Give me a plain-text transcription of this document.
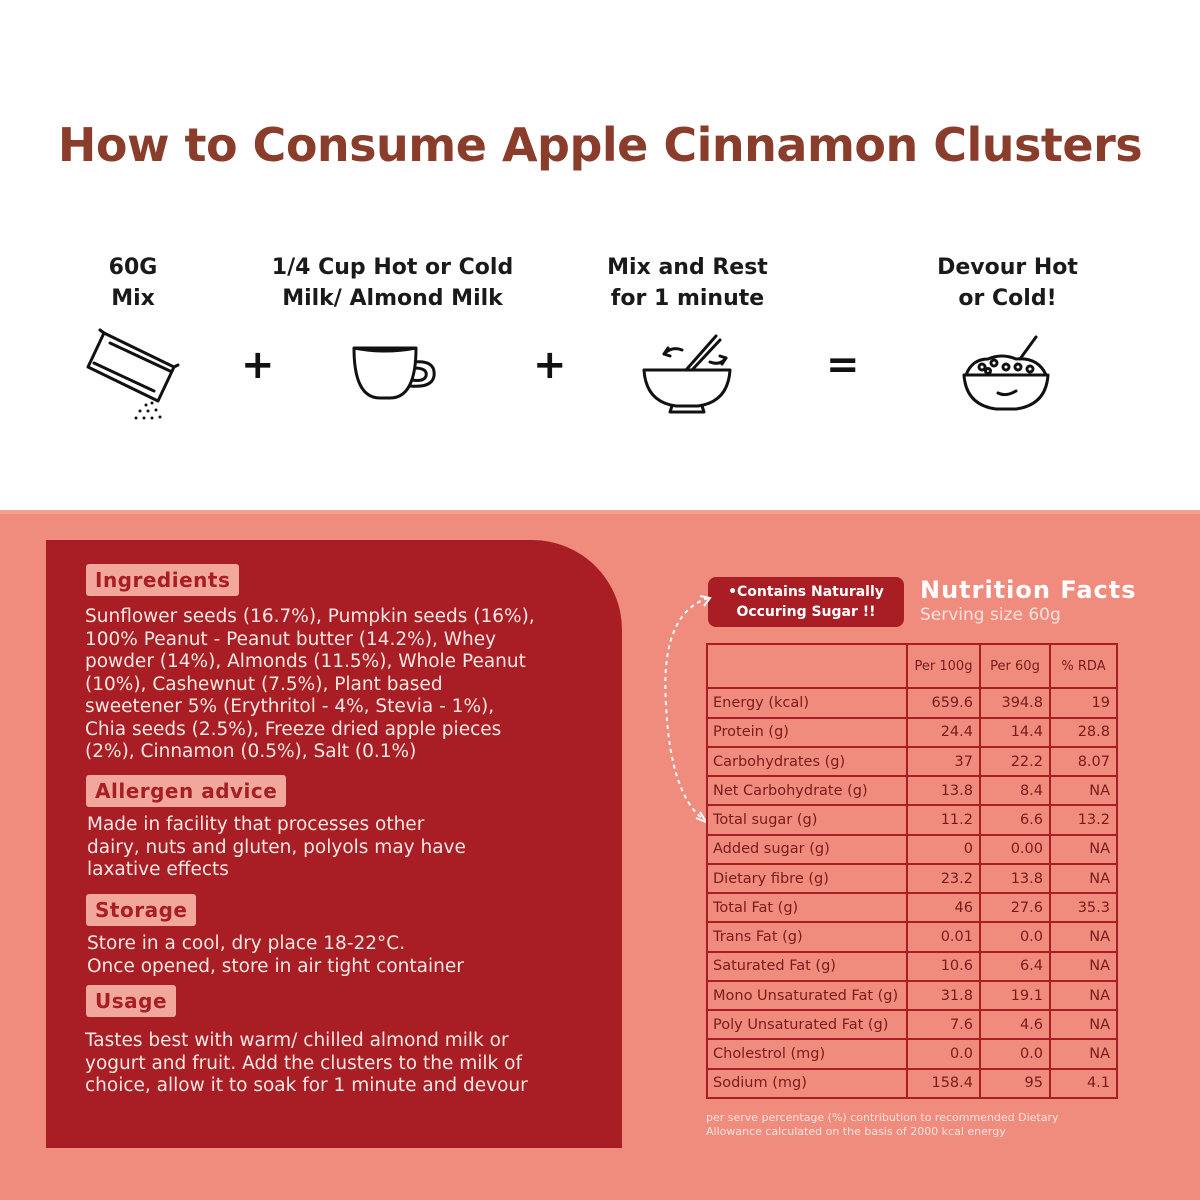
How to Consume Apple Cinnamon Clusters
60G
Mix
1/4 Cup Hot or Cold
Milk/ Almond Milk
Mix and Rest
for 1 minute
Devour Hot
or Cold!
+	+	=
Ingredients
Sunflower seeds (16.7%), Pumpkin seeds (16%),
100% Peanut - Peanut butter (14.2%), Whey
powder (14%), Almonds (11.5%), Whole Peanut
(10%), Cashewnut (7.5%), Plant based
sweetener 5% (Erythritol - 4%, Stevia - 1%),
Chia seeds (2.5%), Freeze dried apple pieces
(2%), Cinnamon (0.5%), Salt (0.1%)
Allergen advice
Made in facility that processes other
dairy, nuts and gluten, polyols may have
laxative effects
Storage
Store in a cool, dry place 18-22°C.
Once opened, store in air tight container
Usage
Tastes best with warm/ chilled almond milk or
yogurt and fruit. Add the clusters to the milk of
choice, allow it to soak for 1 minute and devour
•Contains Naturally
Occuring Sugar !!
Nutrition Facts
Serving size 60g
	Per 100g	Per 60g	% RDA
Energy (kcal)	659.6	394.8	19
Protein (g)	24.4	14.4	28.8
Carbohydrates (g)	37	22.2	8.07
Net Carbohydrate (g)	13.8	8.4	NA
Total sugar (g)	11.2	6.6	13.2
Added sugar (g)	0	0.00	NA
Dietary fibre (g)	23.2	13.8	NA
Total Fat (g)	46	27.6	35.3
Trans Fat (g)	0.01	0.0	NA
Saturated Fat (g)	10.6	6.4	NA
Mono Unsaturated Fat (g)	31.8	19.1	NA
Poly Unsaturated Fat (g)	7.6	4.6	NA
Cholestrol (mg)	0.0	0.0	NA
Sodium (mg)	158.4	95	4.1
per serve percentage (%) contribution to recommended Dietary
Allowance calculated on the basis of 2000 kcal energy
